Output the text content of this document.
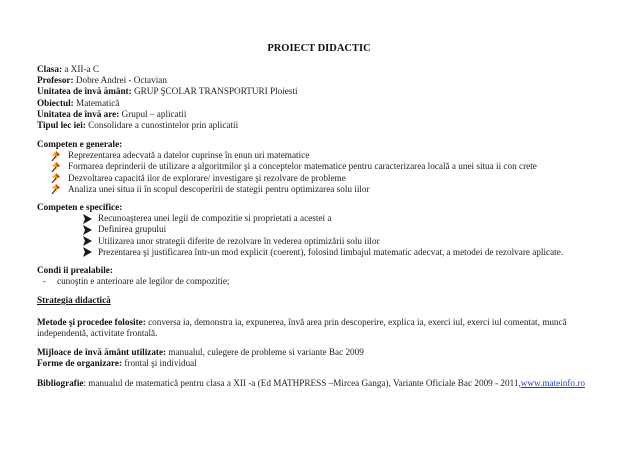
PROIECT DIDACTIC
Clasa: a XII-a C
Profesor: Dobre Andrei - Octavian
Unitatea de învă ământ: GRUP ŞCOLAR TRANSPORTURI Ploiesti
Obiectul: Matematică
Unitatea de învă are: Grupul – aplicatii
Tipul lec iei: Consolidare a cunostintelor prin aplicatii
Competen e generale:
Reprezentarea adecvată a datelor cuprinse în enun uri matematice
Formarea deprinderii de utilizare a algoritmilor şi a conceptelor matematice pentru caracterizarea locală a unei situa ii con crete
Dezvoltarea capacită ilor de explorare/ investigare şi rezolvare de probleme
Analiza unei situa ii în scopul descoperirii de stategii pentru optimizarea solu iilor
Competen e specifice:
Recunoaşterea unei legii de compozitie si proprietati a acestei a
Definirea grupului
Utilizarea unor strategii diferite de rezolvare în vederea optimizării solu iilor
Prezentarea şi justificarea într-un mod explicit (coerent), folosind limbajul matematic adecvat, a metodei de rezolvare aplicate.
Condi ii prealabile:
- cunoştin e anterioare ale legilor de compozitie;
Strategia didactică
Metode şi procedee folosite: conversa ia, demonstra ia, expunerea, învă area prin descoperire, explica ia, exerci iul, exerci iul comentat, muncă independentă, activitate frontală.
Mijloace de învă ământ utilizate: manualul, culegere de probleme si variante Bac 2009
Forme de organizare: frontal şi individual
Bibliografie: manualul de matematică pentru clasa a XII -a (Ed MATHPRESS –Mircea Ganga), Variante Oficiale Bac 2009 - 2011,www.mateinfo.ro
